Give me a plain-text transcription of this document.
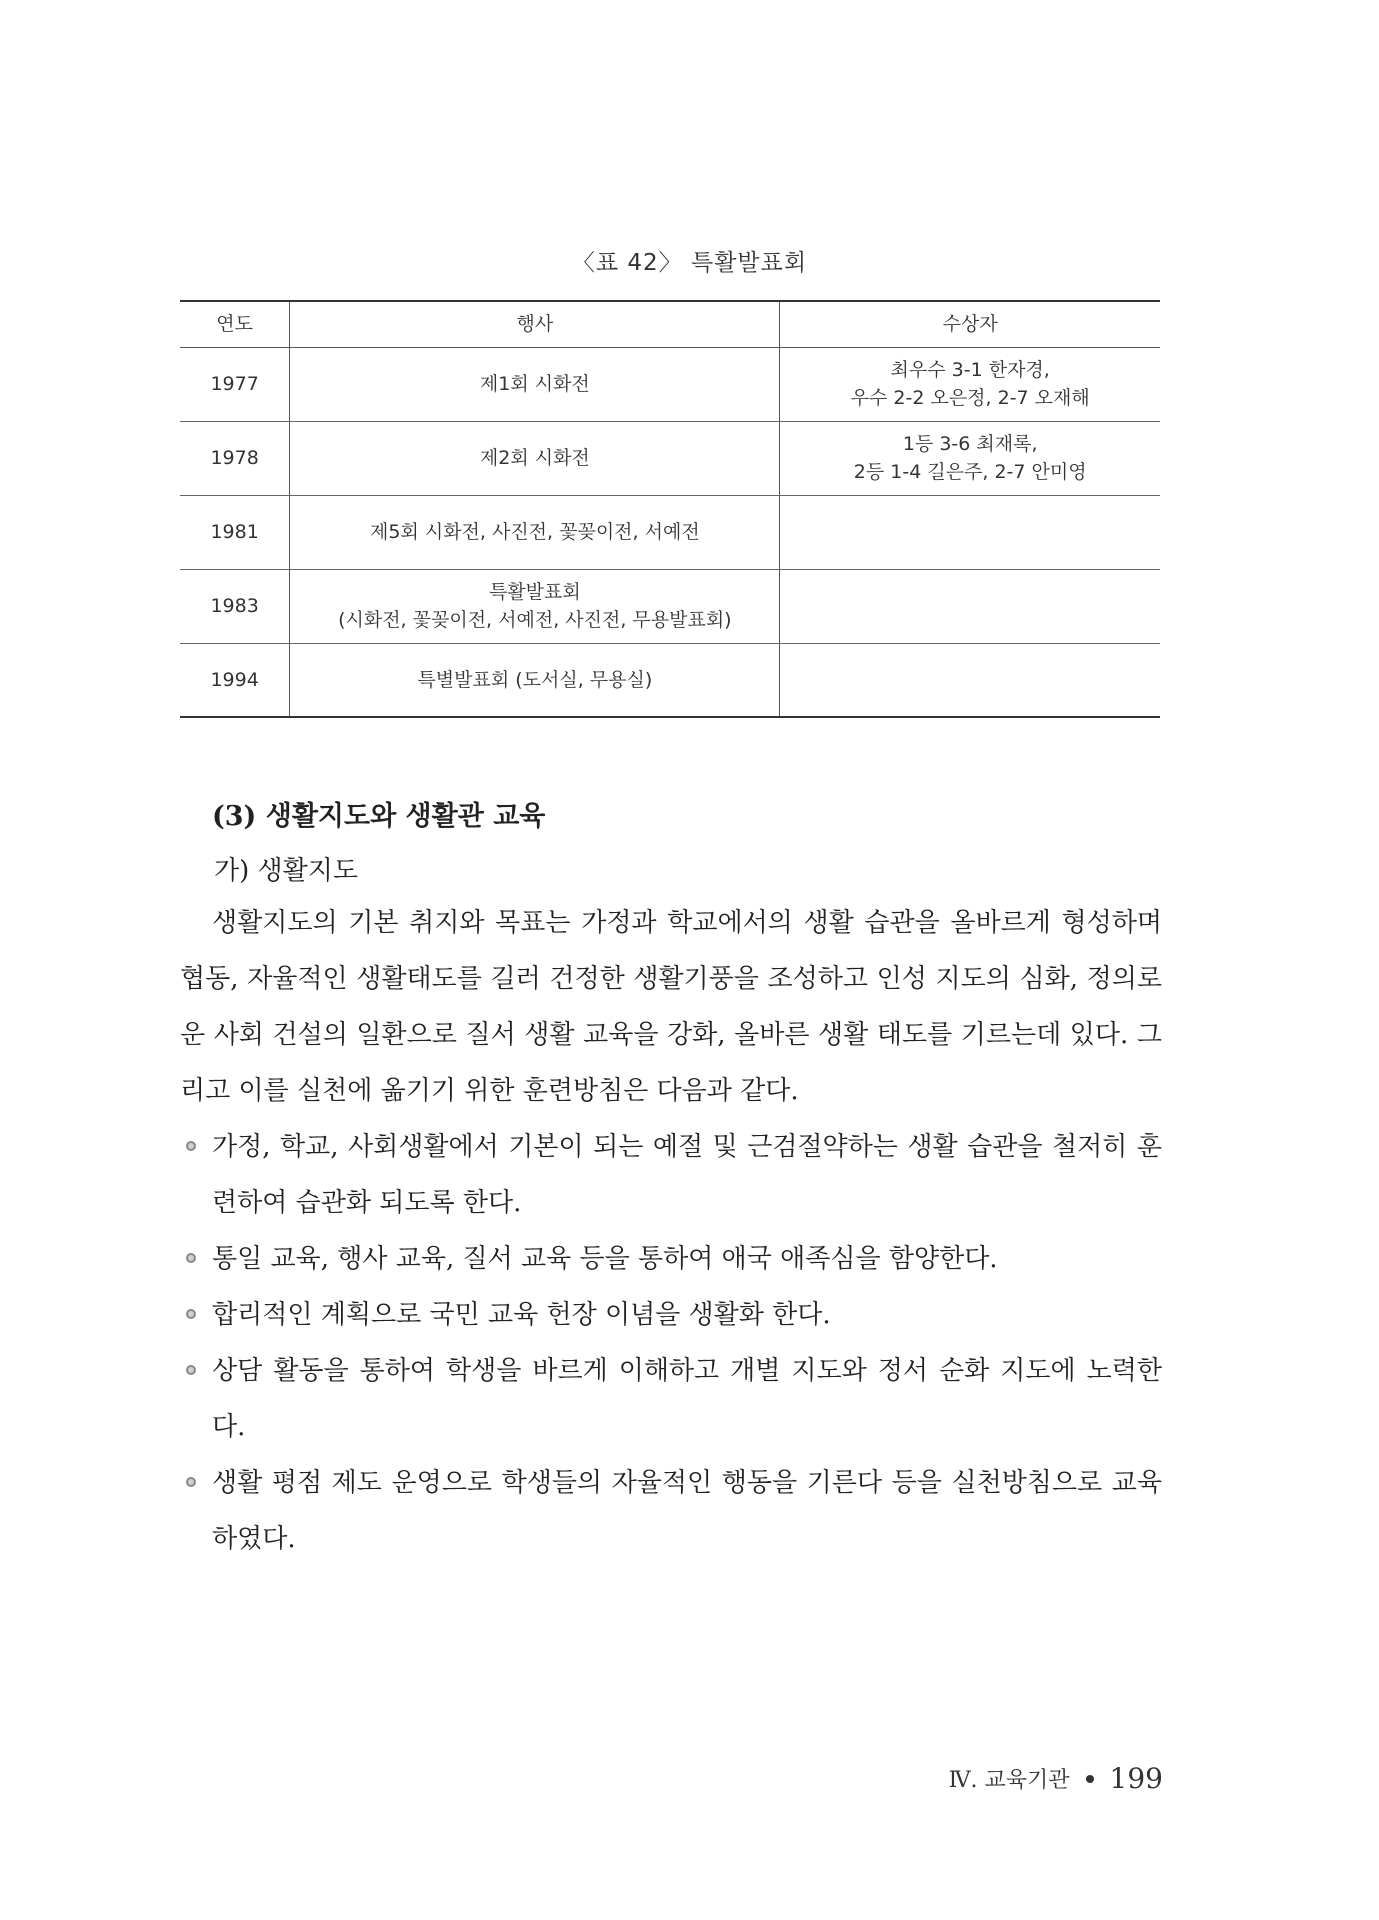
〈표 42〉 특활발표회
연도	행사	수상자
1977	제1회 시화전	최우수 3-1 한자경,
우수 2-2 오은정, 2-7 오재해

1978	제2회 시화전	1등 3-6 최재록,
2등 1-4 길은주, 2-7 안미영

1981	제5회 시화전, 사진전, 꽃꽂이전, 서예전	

1983	특활발표회
(시화전, 꽃꽂이전, 서예전, 사진전, 무용발표회)	

1994	특별발표회 (도서실, 무용실)	

(3) 생활지도와 생활관 교육
가) 생활지도

생활지도의 기본 취지와 목표는 가정과 학교에서의 생활 습관을 올바르게 형성하며 협동, 자율적인 생활태도를 길러 건정한 생활기풍을 조성하고 인성 지도의 심화, 정의로운 사회 건설의 일환으로 질서 생활 교육을 강화, 올바른 생활 태도를 기르는데 있다. 그리고 이를 실천에 옮기기 위한 훈련방침은 다음과 같다.

가정, 학교, 사회생활에서 기본이 되는 예절 및 근검절약하는 생활 습관을 철저히 훈련하여 습관화 되도록 한다.
통일 교육, 행사 교육, 질서 교육 등을 통하여 애국 애족심을 함양한다.
합리적인 계획으로 국민 교육 헌장 이념을 생활화 한다.
상담 활동을 통하여 학생을 바르게 이해하고 개별 지도와 정서 순화 지도에 노력한다.
생활 평점 제도 운영으로 학생들의 자율적인 행동을 기른다 등을 실천방침으로 교육하였다.
Ⅳ. 교육기관 199
